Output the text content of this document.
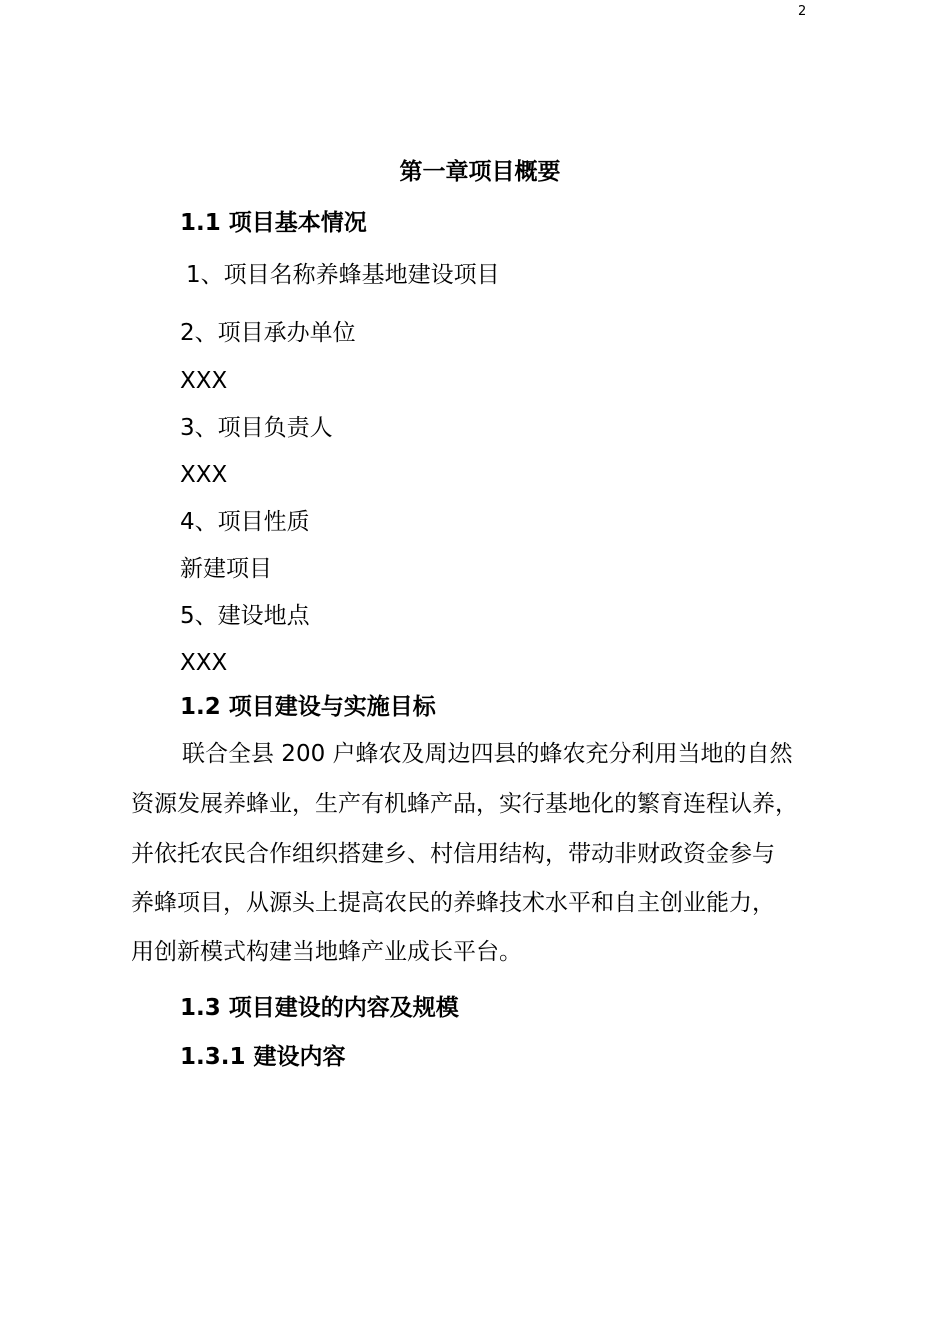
2
第一章项目概要
1.1 项目基本情况
1、项目名称养蜂基地建设项目
2、项目承办单位
XXX
3、项目负责人
XXX
4、项目性质
新建项目
5、建设地点
XXX
1.2 项目建设与实施目标
联合全县 200 户蜂农及周边四县的蜂农充分利用当地的自然
资源发展养蜂业，生产有机蜂产品，实行基地化的繁育连程认养，
并依托农民合作组织搭建乡、村信用结构，带动非财政资金参与
养蜂项目，从源头上提高农民的养蜂技术水平和自主创业能力，
用创新模式构建当地蜂产业成长平台。
1.3 项目建设的内容及规模
1.3.1 建设内容
